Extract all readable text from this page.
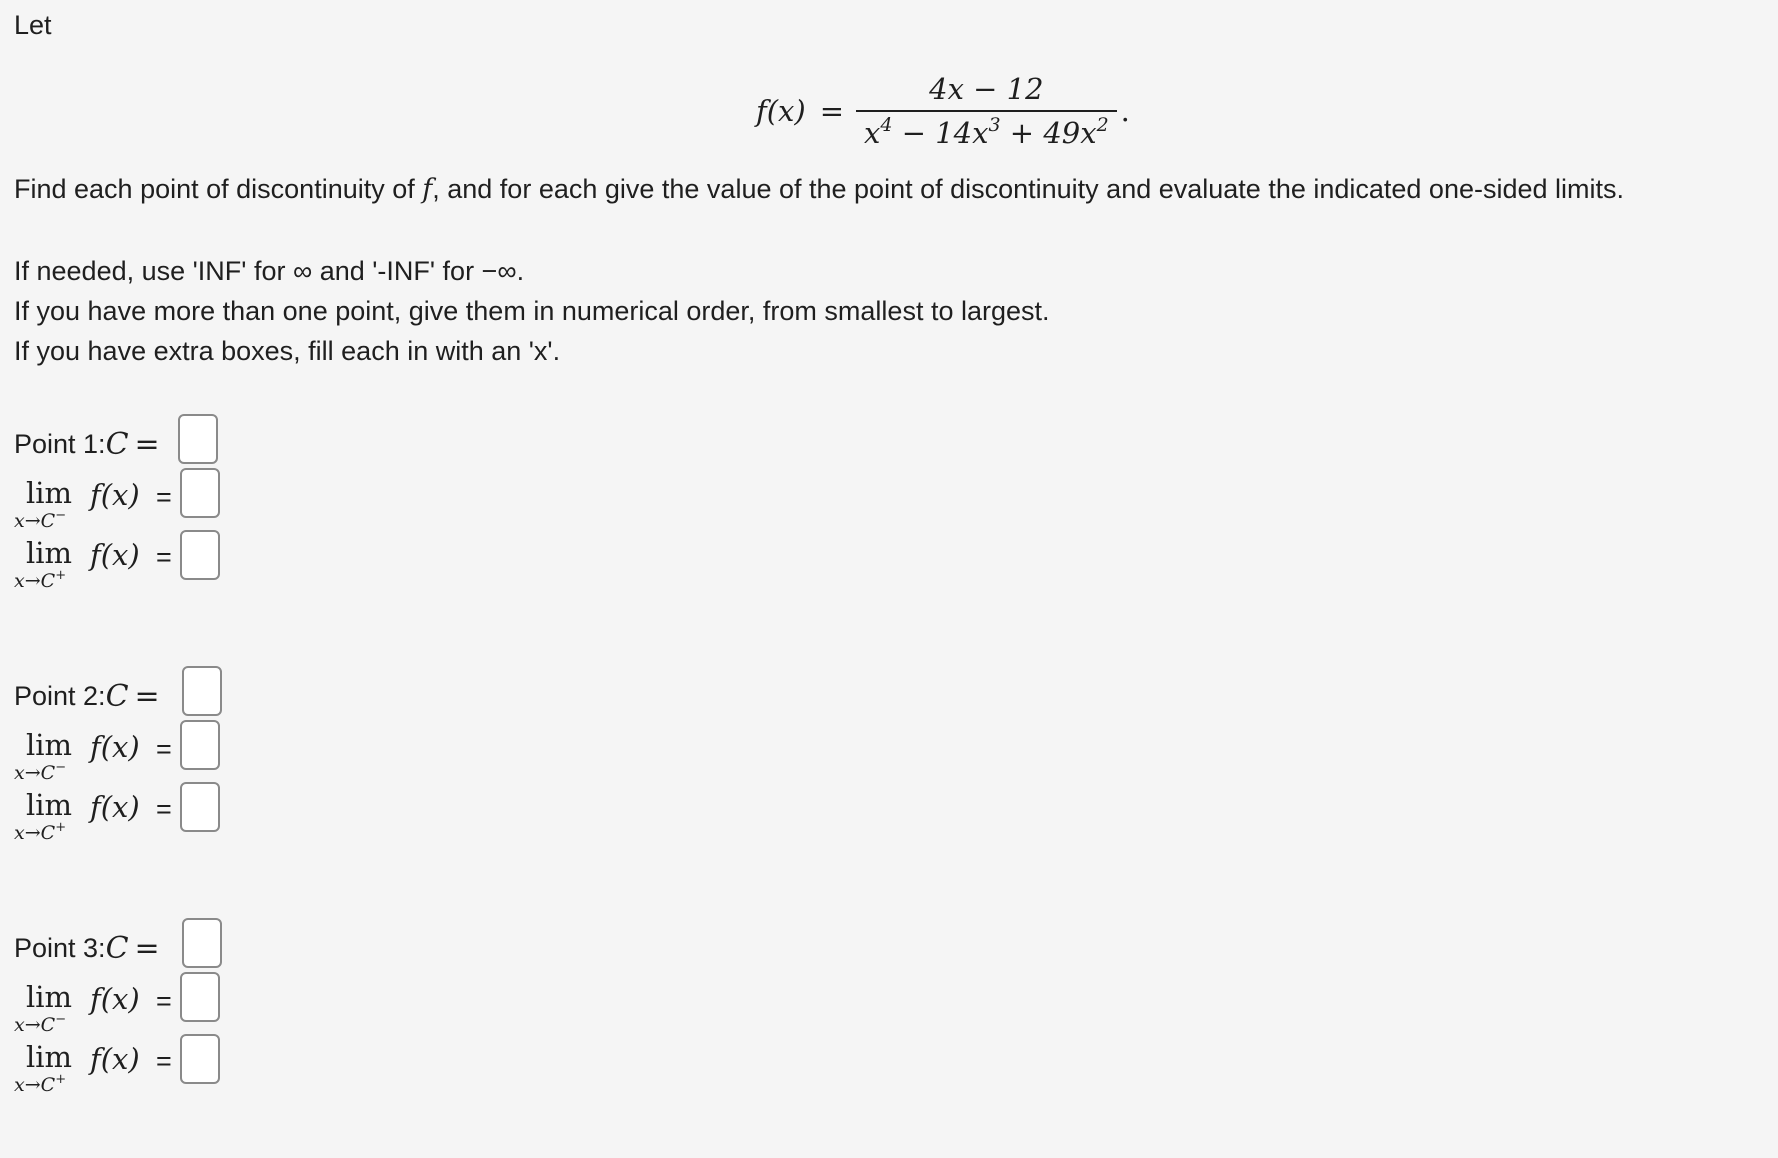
Let
$f(x) = \frac{4x - 12}{x^4 - 14x^3 + 49x^2}$ .
Find each point of discontinuity of f, and for each give the value of the point of discontinuity and evaluate the indicated one-sided limits.
If needed, use 'INF' for ∞ and '-INF' for −∞.
If you have more than one point, give them in numerical order, from smallest to largest.
If you have extra boxes, fill each in with an 'x'.
Point 1: C =
lim
x→C−
f(x) =
lim
x→C+
f(x) =
Point 2: C =
lim
x→C−
f(x) =
lim
x→C+
f(x) =
Point 3: C =
lim
x→C−
f(x) =
lim
x→C+
f(x) =
